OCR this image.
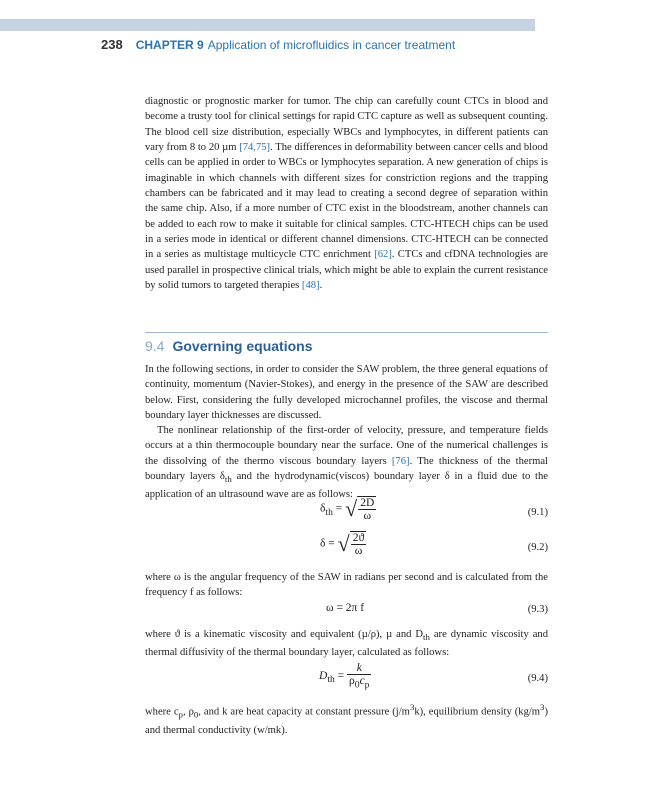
238 CHAPTER 9 Application of microfluidics in cancer treatment

diagnostic or prognostic marker for tumor. The chip can carefully count CTCs in blood and become a trusty tool for clinical settings for rapid CTC capture as well as subsequent counting. The blood cell size distribution, especially WBCs and lymphocytes, in different patients can vary from 8 to 20 µm [74,75]. The differences in deformability between cancer cells and blood cells can be applied in order to WBCs or lymphocytes separation. A new generation of chips is imaginable in which channels with different sizes for constriction regions and the trapping chambers can be fabricated and it may lead to creating a second degree of separation within the same chip. Also, if a more number of CTC exist in the bloodstream, another channels can be added to each row to make it suitable for clinical samples. CTC-HTECH chips can be used in a series mode in identical or different channel dimensions. CTC-HTECH can be connected in a series as multistage multicycle CTC enrichment [62]. CTCs and cfDNA technologies are used parallel in prospective clinical trials, which might be able to explain the current resistance by solid tumors to targeted therapies [48].

9.4 Governing equations

In the following sections, in order to consider the SAW problem, the three general equations of continuity, momentum (Navier-Stokes), and energy in the presence of the SAW are described below. First, considering the fully developed microchannel profiles, the viscose and thermal boundary layer thicknesses are discussed.

The nonlinear relationship of the first-order of velocity, pressure, and temperature fields occurs at a thin thermocouple boundary near the surface. One of the numerical challenges is the dissolving of the thermo viscous boundary layers [76]. The thickness of the thermal boundary layers $\delta_{th}$ and the hydrodynamic(viscos) boundary layer δ in a fluid due to the application of an ultrasound wave are as follows:

$\delta_{th}$ = √ $\frac{2D}{\omega}$	(9.1)
δ = √ $\frac{2ϑ}{\omega}$	(9.2)

where ω is the angular frequency of the SAW in radians per second and is calculated from the frequency f as follows:

ω = 2π f	(9.3)

where ϑ is a kinematic viscosity and equivalent (µ/ρ), µ and $D_{th}$ are dynamic viscosity and thermal diffusivity of the thermal boundary layer, calculated as follows:

$D_{th} = \frac{k}{\rho_0c_p}$	(9.4)

where $c_p$, $\rho_0$, and k are heat capacity at constant pressure $(j/m^3k)$, equilibrium density $(kg/m^3)$ and thermal conductivity (w/mk).
